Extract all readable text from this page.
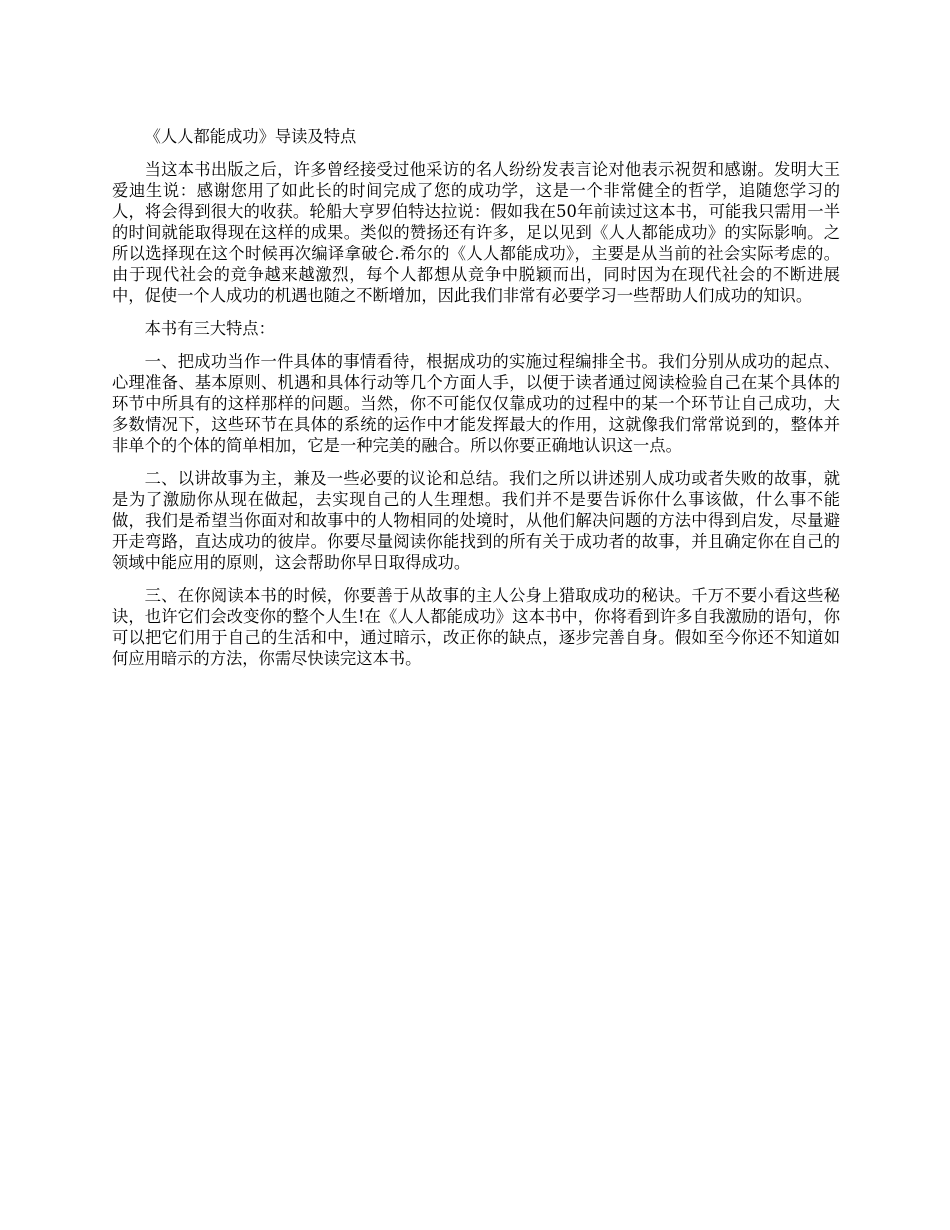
《人人都能成功》导读及特点

当这本书出版之后，许多曾经接受过他采访的名人纷纷发表言论对他表示祝贺和感谢。发明大王爱迪生说：感谢您用了如此长的时间完成了您的成功学，这是一个非常健全的哲学，追随您学习的人，将会得到很大的收获。轮船大亨罗伯特达拉说：假如我在50年前读过这本书，可能我只需用一半的时间就能取得现在这样的成果。类似的赞扬还有许多，足以见到《人人都能成功》的实际影响。之所以选择现在这个时候再次编译拿破仑.希尔的《人人都能成功》，主要是从当前的社会实际考虑的。由于现代社会的竞争越来越激烈，每个人都想从竞争中脱颖而出，同时因为在现代社会的不断进展中，促使一个人成功的机遇也随之不断增加，因此我们非常有必要学习一些帮助人们成功的知识。

本书有三大特点：

一、把成功当作一件具体的事情看待，根据成功的实施过程编排全书。我们分别从成功的起点、心理准备、基本原则、机遇和具体行动等几个方面人手，以便于读者通过阅读检验自己在某个具体的环节中所具有的这样那样的问题。当然，你不可能仅仅靠成功的过程中的某一个环节让自己成功，大多数情况下，这些环节在具体的系统的运作中才能发挥最大的作用，这就像我们常常说到的，整体并非单个的个体的简单相加，它是一种完美的融合。所以你要正确地认识这一点。

二、以讲故事为主，兼及一些必要的议论和总结。我们之所以讲述别人成功或者失败的故事，就是为了激励你从现在做起，去实现自己的人生理想。我们并不是要告诉你什么事该做，什么事不能做，我们是希望当你面对和故事中的人物相同的处境时，从他们解决问题的方法中得到启发，尽量避开走弯路，直达成功的彼岸。你要尽量阅读你能找到的所有关于成功者的故事，并且确定你在自己的领域中能应用的原则，这会帮助你早日取得成功。

三、在你阅读本书的时候，你要善于从故事的主人公身上猎取成功的秘诀。千万不要小看这些秘诀，也许它们会改变你的整个人生!在《人人都能成功》这本书中，你将看到许多自我激励的语句，你可以把它们用于自己的生活和中，通过暗示，改正你的缺点，逐步完善自身。假如至今你还不知道如何应用暗示的方法，你需尽快读完这本书。
